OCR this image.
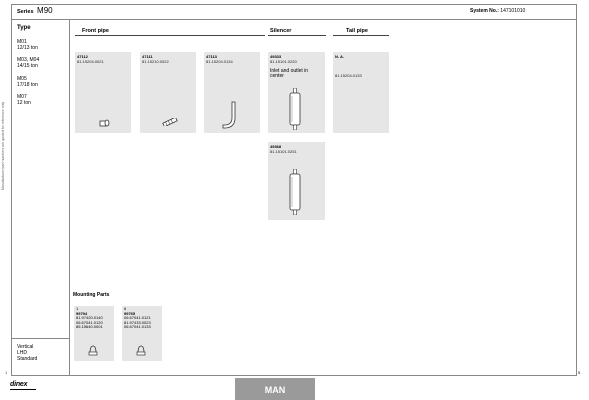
Manufacturer/part numbers are quoted for reference only
1
Series M90	System No.: 147101010
Type
M01
12/13 ton
M03, M04
14/15 ton
M05
17/18 ton
M07
12 ton
Vertical
LHD
Standard
Front pipe	Silencer	Tail pipe
47112
81.15204.0021
47111
81.15210.0022
47113
81.15204.0134
49333
81.15101.0220
Inlet and outlet in center
N. A.
81.15204.0133
49368
81.15101.0251
Mounting Parts
1
99794
81.97420.0140
06.67041.0120
85.15640.0001
6
99765
06.67041.0121
81.97433.0023
06.67041.0133
5
dinex
MAN
